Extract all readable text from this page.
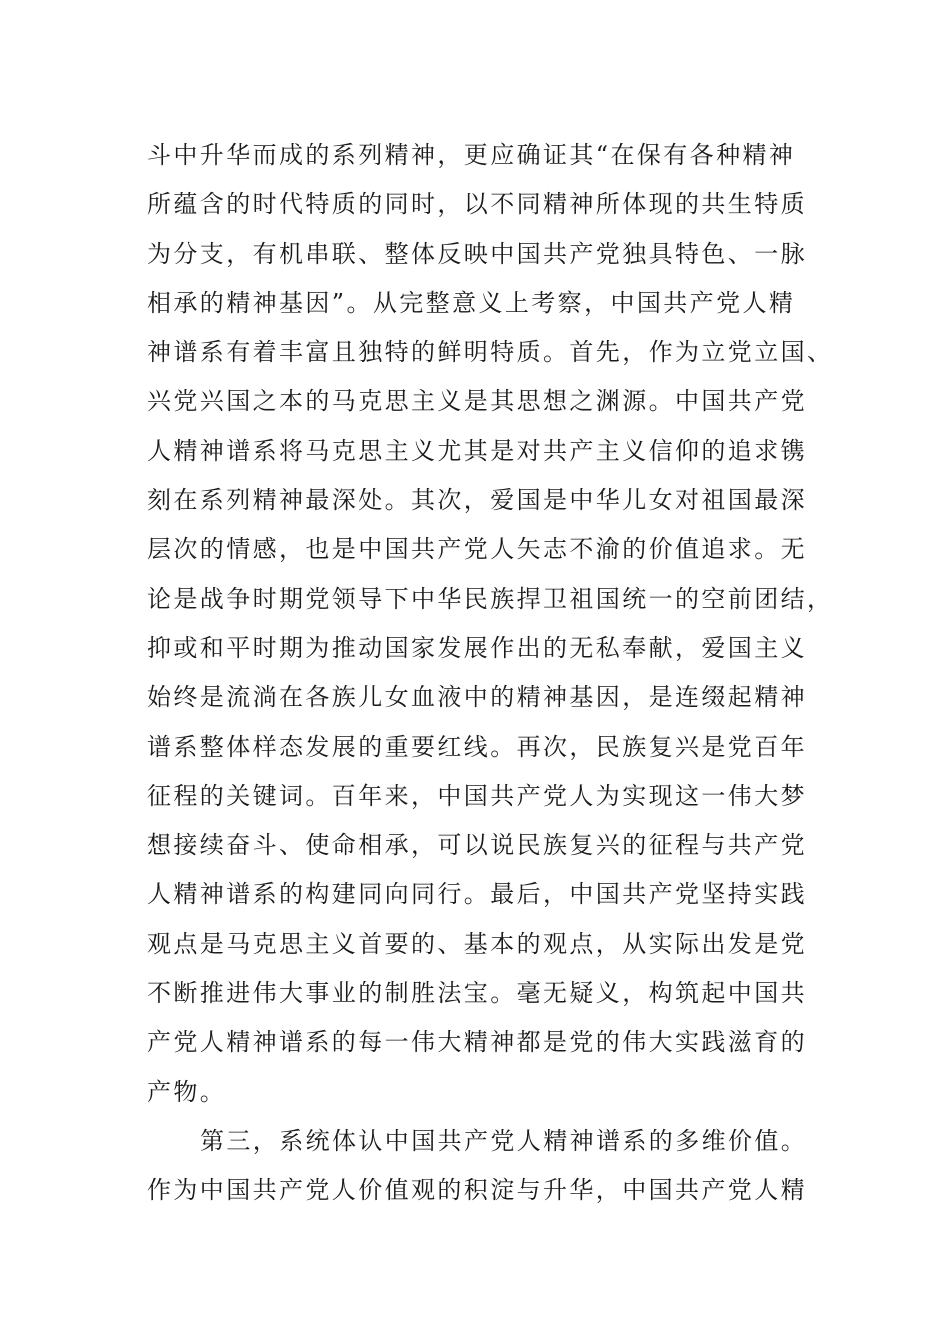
斗中升华而成的系列精神，更应确证其“在保有各种精神
所蕴含的时代特质的同时，以不同精神所体现的共生特质
为分支，有机串联、整体反映中国共产党独具特色、一脉
相承的精神基因”。从完整意义上考察，中国共产党人精
神谱系有着丰富且独特的鲜明特质。首先，作为立党立国、
兴党兴国之本的马克思主义是其思想之渊源。中国共产党
人精神谱系将马克思主义尤其是对共产主义信仰的追求镌
刻在系列精神最深处。其次，爱国是中华儿女对祖国最深
层次的情感，也是中国共产党人矢志不渝的价值追求。无
论是战争时期党领导下中华民族捍卫祖国统一的空前团结，
抑或和平时期为推动国家发展作出的无私奉献，爱国主义
始终是流淌在各族儿女血液中的精神基因，是连缀起精神
谱系整体样态发展的重要红线。再次，民族复兴是党百年
征程的关键词。百年来，中国共产党人为实现这一伟大梦
想接续奋斗、使命相承，可以说民族复兴的征程与共产党
人精神谱系的构建同向同行。最后，中国共产党坚持实践
观点是马克思主义首要的、基本的观点，从实际出发是党
不断推进伟大事业的制胜法宝。毫无疑义，构筑起中国共
产党人精神谱系的每一伟大精神都是党的伟大实践滋育的
产物。
第三，系统体认中国共产党人精神谱系的多维价值。
作为中国共产党人价值观的积淀与升华，中国共产党人精
